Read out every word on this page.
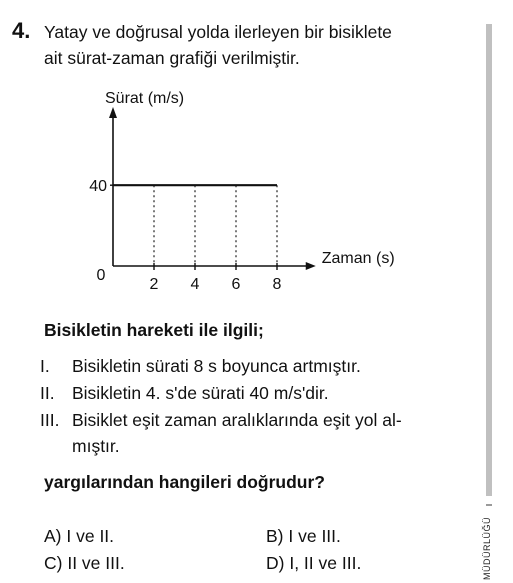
4. Yatay ve doğrusal yolda ilerleyen bir bisiklete
ait sürat-zaman grafiği verilmiştir.
2 4 6 8
40
0
Sürat (m/s)
Zaman (s)
Bisikletin hareketi ile ilgili;
I. Bisikletin sürati 8 s boyunca artmıştır.
II. Bisikletin 4. s'de sürati 40 m/s'dir.
III. Bisiklet eşit zaman aralıklarında eşit yol al-
mıştır.
yargılarından hangileri doğrudur?
A) I ve II.	B) I ve III.
C) II ve III.	D) I, II ve III.	MÜDÜRLÜĞÜ
